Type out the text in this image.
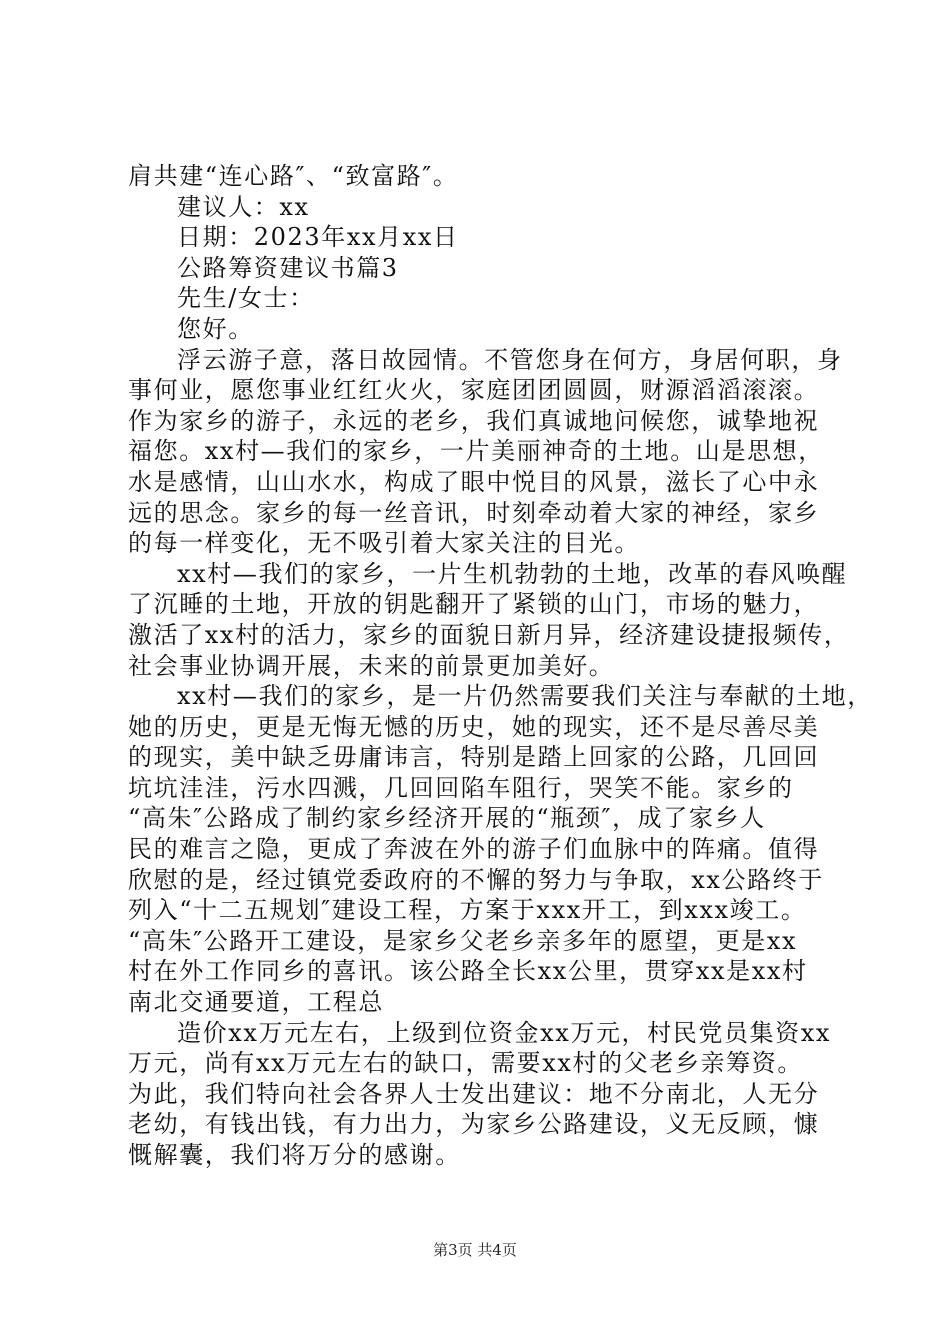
肩共建“连心路″、“致富路″。
建议人：xx
日期：2023年xx月xx日
公路筹资建议书篇3
先生/女士：
您好。
浮云游子意，落日故园情。不管您身在何方，身居何职，身
事何业，愿您事业红红火火，家庭团团圆圆，财源滔滔滚滚。
作为家乡的游子，永远的老乡，我们真诚地问候您，诚挚地祝
福您。xx村—我们的家乡，一片美丽神奇的土地。山是思想，
水是感情，山山水水，构成了眼中悦目的风景，滋长了心中永
远的思念。家乡的每一丝音讯，时刻牵动着大家的神经，家乡
的每一样变化，无不吸引着大家关注的目光。
xx村—我们的家乡，一片生机勃勃的土地，改革的春风唤醒
了沉睡的土地，开放的钥匙翻开了紧锁的山门，市场的魅力，
激活了xx村的活力，家乡的面貌日新月异，经济建设捷报频传，
社会事业协调开展，未来的前景更加美好。
xx村—我们的家乡，是一片仍然需要我们关注与奉献的土地，
她的历史，更是无悔无憾的历史，她的现实，还不是尽善尽美
的现实，美中缺乏毋庸讳言，特别是踏上回家的公路，几回回
坑坑洼洼，污水四溅，几回回陷车阻行，哭笑不能。家乡的
“高朱″公路成了制约家乡经济开展的“瓶颈″，成了家乡人
民的难言之隐，更成了奔波在外的游子们血脉中的阵痛。值得
欣慰的是，经过镇党委政府的不懈的努力与争取，xx公路终于
列入“十二五规划″建设工程，方案于xxx开工，到xxx竣工。
“高朱″公路开工建设，是家乡父老乡亲多年的愿望，更是xx
村在外工作同乡的喜讯。该公路全长xx公里，贯穿xx是xx村
南北交通要道，工程总
造价xx万元左右，上级到位资金xx万元，村民党员集资xx
万元，尚有xx万元左右的缺口，需要xx村的父老乡亲筹资。
为此，我们特向社会各界人士发出建议：地不分南北，人无分
老幼，有钱出钱，有力出力，为家乡公路建设，义无反顾，慷
慨解囊，我们将万分的感谢。
第3页 共4页
